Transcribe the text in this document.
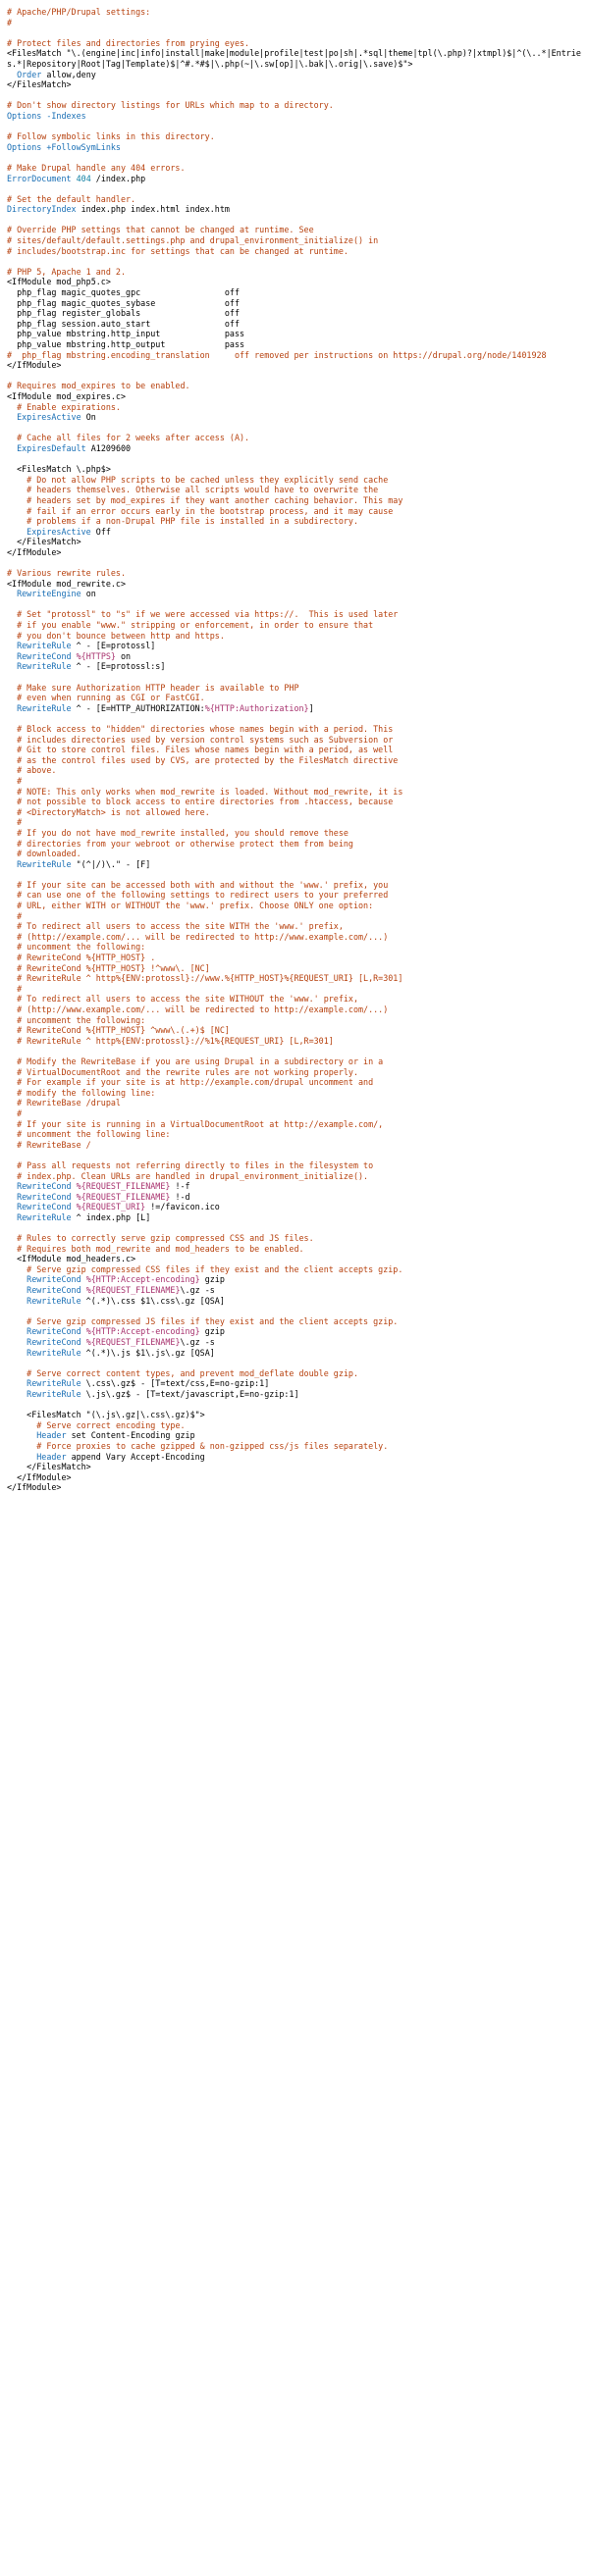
# Apache/PHP/Drupal settings:
#
# Protect files and directories from prying eyes.
<FilesMatch "\.(engine|inc|info|install|make|module|profile|test|po|sh|.*sql|theme|tpl(\.php)?|xtmpl)$|^(\..*|Entries.*|Repository|Root|Tag|Template)$|^#.*#$|\.php(~|\.sw[op]|\.bak|\.orig|\.save)$">
Order allow,deny
</FilesMatch>
# Don't show directory listings for URLs which map to a directory.
Options -Indexes
# Follow symbolic links in this directory.
Options +FollowSymLinks
# Make Drupal handle any 404 errors.
ErrorDocument 404 /index.php
# Set the default handler.
DirectoryIndex index.php index.html index.htm
# Override PHP settings that cannot be changed at runtime. See
# sites/default/default.settings.php and drupal_environment_initialize() in
# includes/bootstrap.inc for settings that can be changed at runtime.
# PHP 5, Apache 1 and 2.
<IfModule mod_php5.c>
php_flag magic_quotes_gpc                 off
php_flag magic_quotes_sybase              off
php_flag register_globals                 off
php_flag session.auto_start               off
php_value mbstring.http_input             pass
php_value mbstring.http_output            pass
#  php_flag mbstring.encoding_translation     off removed per instructions on https://drupal.org/node/1401928
</IfModule>
# Requires mod_expires to be enabled.
<IfModule mod_expires.c>
# Enable expirations.
ExpiresActive On
# Cache all files for 2 weeks after access (A).
ExpiresDefault A1209600
<FilesMatch \.php$>
# Do not allow PHP scripts to be cached unless they explicitly send cache
# headers themselves. Otherwise all scripts would have to overwrite the
# headers set by mod_expires if they want another caching behavior. This may
# fail if an error occurs early in the bootstrap process, and it may cause
# problems if a non-Drupal PHP file is installed in a subdirectory.
ExpiresActive Off
</FilesMatch>
</IfModule>
# Various rewrite rules.
<IfModule mod_rewrite.c>
RewriteEngine on
# Set "protossl" to "s" if we were accessed via https://.  This is used later
# if you enable "www." stripping or enforcement, in order to ensure that
# you don't bounce between http and https.
RewriteRule ^ - [E=protossl]
RewriteCond %{HTTPS} on
RewriteRule ^ - [E=protossl:s]
# Make sure Authorization HTTP header is available to PHP
# even when running as CGI or FastCGI.
RewriteRule ^ - [E=HTTP_AUTHORIZATION:%{HTTP:Authorization}]
# Block access to "hidden" directories whose names begin with a period. This
# includes directories used by version control systems such as Subversion or
# Git to store control files. Files whose names begin with a period, as well
# as the control files used by CVS, are protected by the FilesMatch directive
# above.
#
# NOTE: This only works when mod_rewrite is loaded. Without mod_rewrite, it is
# not possible to block access to entire directories from .htaccess, because
# <DirectoryMatch> is not allowed here.
#
# If you do not have mod_rewrite installed, you should remove these
# directories from your webroot or otherwise protect them from being
# downloaded.
RewriteRule "(^|/)\." - [F]
# If your site can be accessed both with and without the 'www.' prefix, you
# can use one of the following settings to redirect users to your preferred
# URL, either WITH or WITHOUT the 'www.' prefix. Choose ONLY one option:
#
# To redirect all users to access the site WITH the 'www.' prefix,
# (http://example.com/... will be redirected to http://www.example.com/...)
# uncomment the following:
# RewriteCond %{HTTP_HOST} .
# RewriteCond %{HTTP_HOST} !^www\. [NC]
# RewriteRule ^ http%{ENV:protossl}://www.%{HTTP_HOST}%{REQUEST_URI} [L,R=301]
#
# To redirect all users to access the site WITHOUT the 'www.' prefix,
# (http://www.example.com/... will be redirected to http://example.com/...)
# uncomment the following:
# RewriteCond %{HTTP_HOST} ^www\.(.+)$ [NC]
# RewriteRule ^ http%{ENV:protossl}://%1%{REQUEST_URI} [L,R=301]
# Modify the RewriteBase if you are using Drupal in a subdirectory or in a
# VirtualDocumentRoot and the rewrite rules are not working properly.
# For example if your site is at http://example.com/drupal uncomment and
# modify the following line:
# RewriteBase /drupal
#
# If your site is running in a VirtualDocumentRoot at http://example.com/,
# uncomment the following line:
# RewriteBase /
# Pass all requests not referring directly to files in the filesystem to
# index.php. Clean URLs are handled in drupal_environment_initialize().
RewriteCond %{REQUEST_FILENAME} !-f
RewriteCond %{REQUEST_FILENAME} !-d
RewriteCond %{REQUEST_URI} !=/favicon.ico
RewriteRule ^ index.php [L]
# Rules to correctly serve gzip compressed CSS and JS files.
# Requires both mod_rewrite and mod_headers to be enabled.
<IfModule mod_headers.c>
# Serve gzip compressed CSS files if they exist and the client accepts gzip.
RewriteCond %{HTTP:Accept-encoding} gzip
RewriteCond %{REQUEST_FILENAME}\.gz -s
RewriteRule ^(.*)\.css $1\.css\.gz [QSA]
# Serve gzip compressed JS files if they exist and the client accepts gzip.
RewriteCond %{HTTP:Accept-encoding} gzip
RewriteCond %{REQUEST_FILENAME}\.gz -s
RewriteRule ^(.*)\.js $1\.js\.gz [QSA]
# Serve correct content types, and prevent mod_deflate double gzip.
RewriteRule \.css\.gz$ - [T=text/css,E=no-gzip:1]
RewriteRule \.js\.gz$ - [T=text/javascript,E=no-gzip:1]
<FilesMatch "(\.js\.gz|\.css\.gz)$">
# Serve correct encoding type.
Header set Content-Encoding gzip
# Force proxies to cache gzipped & non-gzipped css/js files separately.
Header append Vary Accept-Encoding
</FilesMatch>
</IfModule>
</IfModule>
